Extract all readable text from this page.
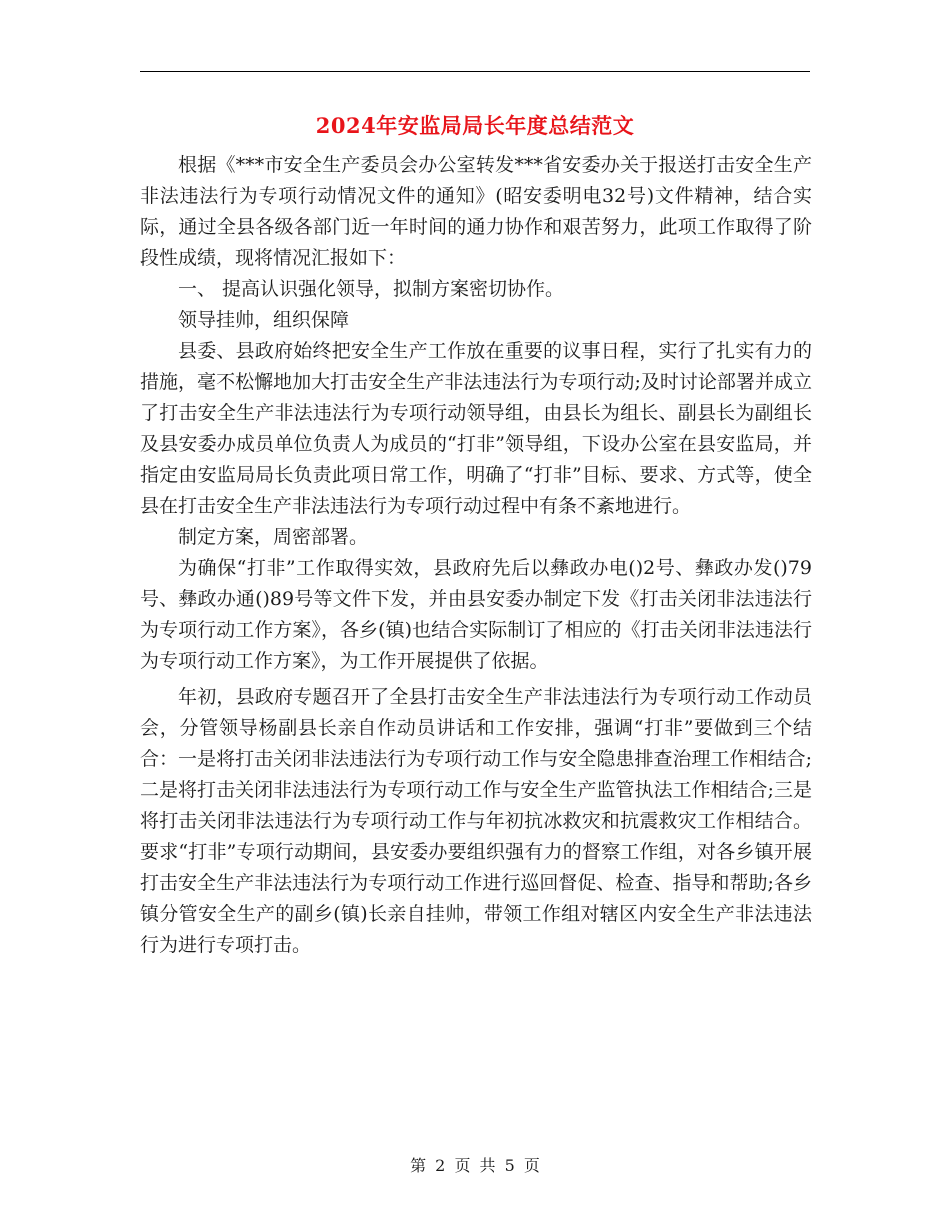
2024年安监局局长年度总结范文

根据《***市安全生产委员会办公室转发***省安委办关于报送打击安全生产非法违法行为专项行动情况文件的通知》(昭安委明电32号)文件精神，结合实际，通过全县各级各部门近一年时间的通力协作和艰苦努力，此项工作取得了阶段性成绩，现将情况汇报如下：

一、 提高认识强化领导，拟制方案密切协作。

领导挂帅，组织保障

县委、县政府始终把安全生产工作放在重要的议事日程，实行了扎实有力的措施，毫不松懈地加大打击安全生产非法违法行为专项行动;及时讨论部署并成立了打击安全生产非法违法行为专项行动领导组，由县长为组长、副县长为副组长及县安委办成员单位负责人为成员的“打非”领导组，下设办公室在县安监局，并指定由安监局局长负责此项日常工作，明确了“打非”目标、要求、方式等，使全县在打击安全生产非法违法行为专项行动过程中有条不紊地进行。

制定方案，周密部署。

为确保“打非”工作取得实效，县政府先后以彝政办电()2号、彝政办发()79号、彝政办通()89号等文件下发，并由县安委办制定下发《打击关闭非法违法行为专项行动工作方案》，各乡(镇)也结合实际制订了相应的《打击关闭非法违法行为专项行动工作方案》，为工作开展提供了依据。

年初，县政府专题召开了全县打击安全生产非法违法行为专项行动工作动员会，分管领导杨副县长亲自作动员讲话和工作安排，强调“打非”要做到三个结合：一是将打击关闭非法违法行为专项行动工作与安全隐患排查治理工作相结合;二是将打击关闭非法违法行为专项行动工作与安全生产监管执法工作相结合;三是将打击关闭非法违法行为专项行动工作与年初抗冰救灾和抗震救灾工作相结合。要求“打非”专项行动期间，县安委办要组织强有力的督察工作组，对各乡镇开展打击安全生产非法违法行为专项行动工作进行巡回督促、检查、指导和帮助;各乡镇分管安全生产的副乡(镇)长亲自挂帅，带领工作组对辖区内安全生产非法违法行为进行专项打击。

第 2 页 共 5 页
